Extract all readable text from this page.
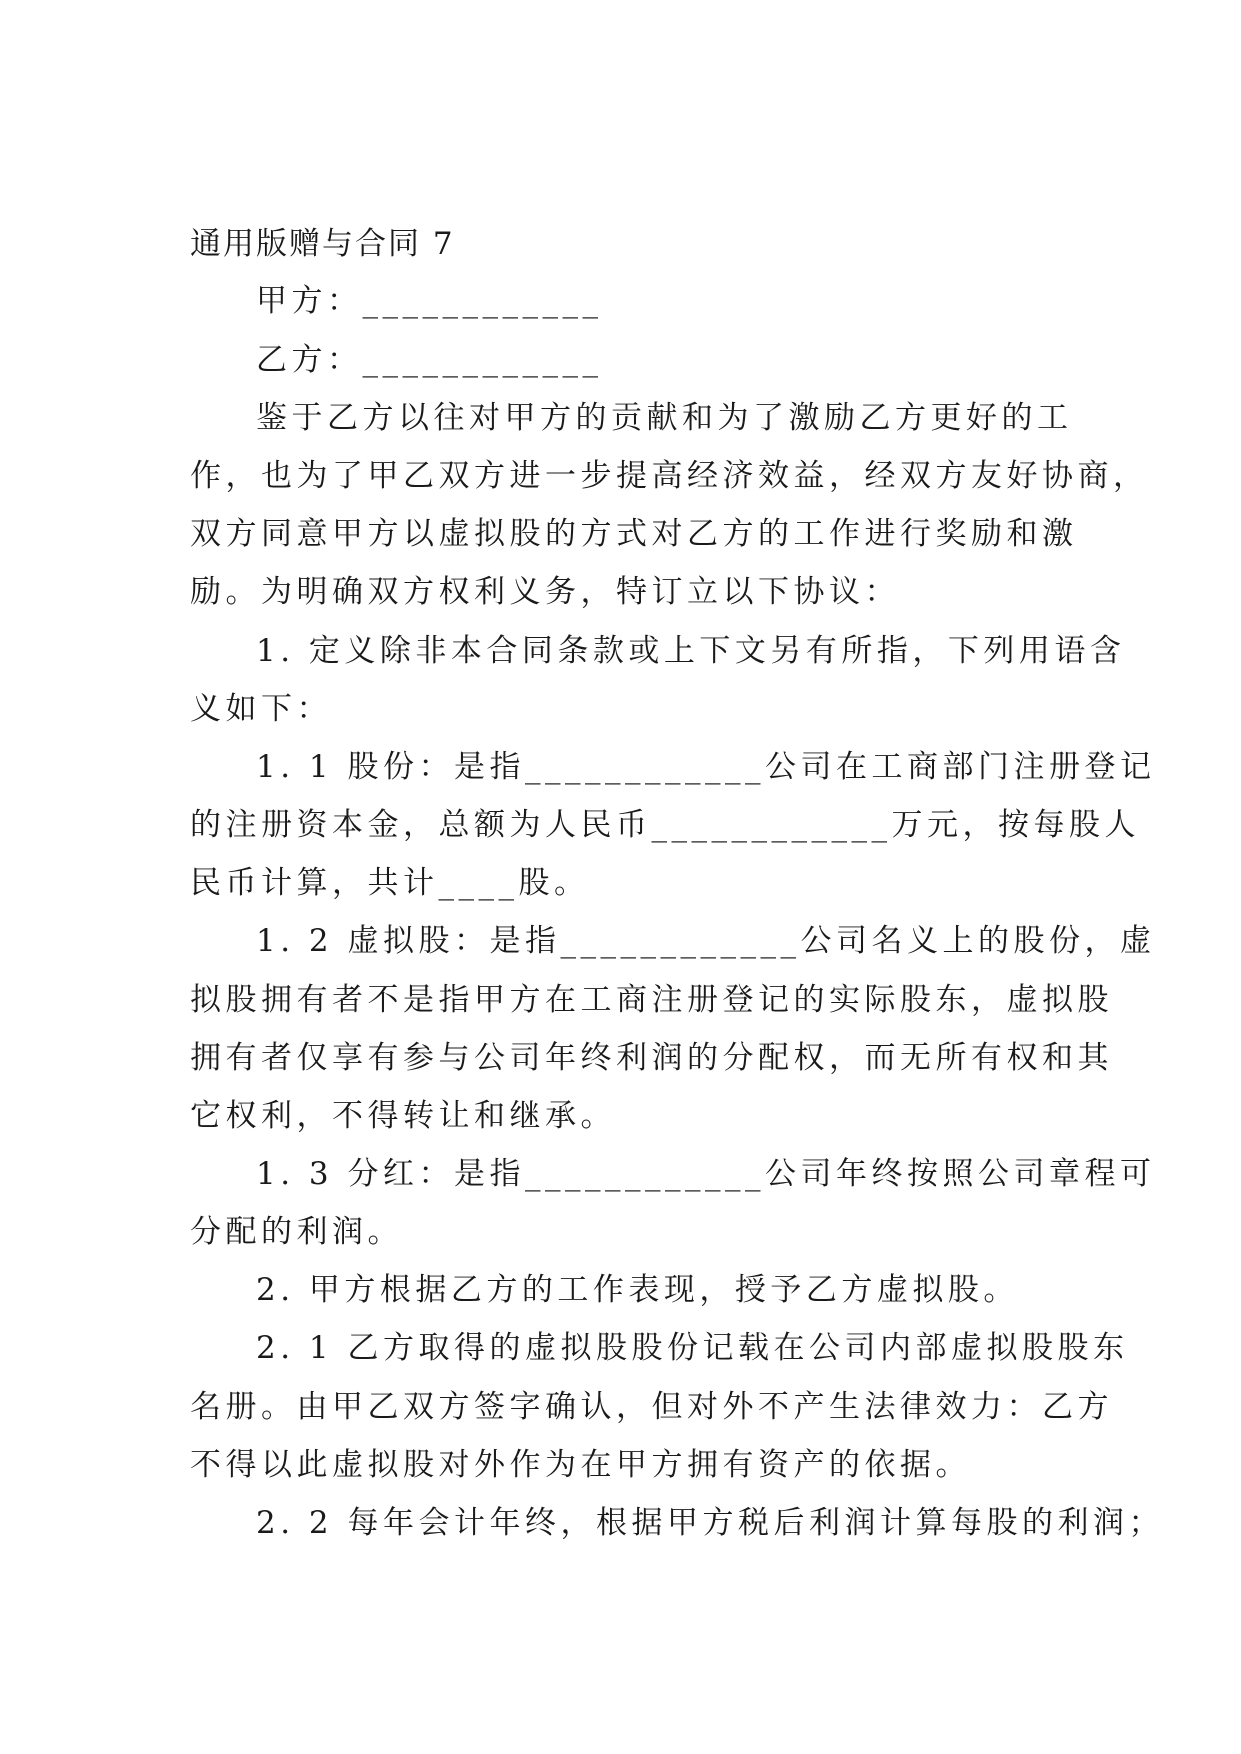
通用版赠与合同 7
甲方：____________
乙方：____________
鉴于乙方以往对甲方的贡献和为了激励乙方更好的工
作，也为了甲乙双方进一步提高经济效益，经双方友好协商，
双方同意甲方以虚拟股的方式对乙方的工作进行奖励和激
励。为明确双方权利义务，特订立以下协议：
1. 定义除非本合同条款或上下文另有所指，下列用语含
义如下：
1. 1 股份：是指____________公司在工商部门注册登记
的注册资本金，总额为人民币____________万元，按每股人
民币计算，共计____股。
1. 2 虚拟股：是指____________公司名义上的股份，虚
拟股拥有者不是指甲方在工商注册登记的实际股东，虚拟股
拥有者仅享有参与公司年终利润的分配权，而无所有权和其
它权利，不得转让和继承。
1. 3 分红：是指____________公司年终按照公司章程可
分配的利润。
2. 甲方根据乙方的工作表现，授予乙方虚拟股。
2. 1 乙方取得的虚拟股股份记载在公司内部虚拟股股东
名册。由甲乙双方签字确认，但对外不产生法律效力：乙方
不得以此虚拟股对外作为在甲方拥有资产的依据。
2. 2 每年会计年终，根据甲方税后利润计算每股的利润；
